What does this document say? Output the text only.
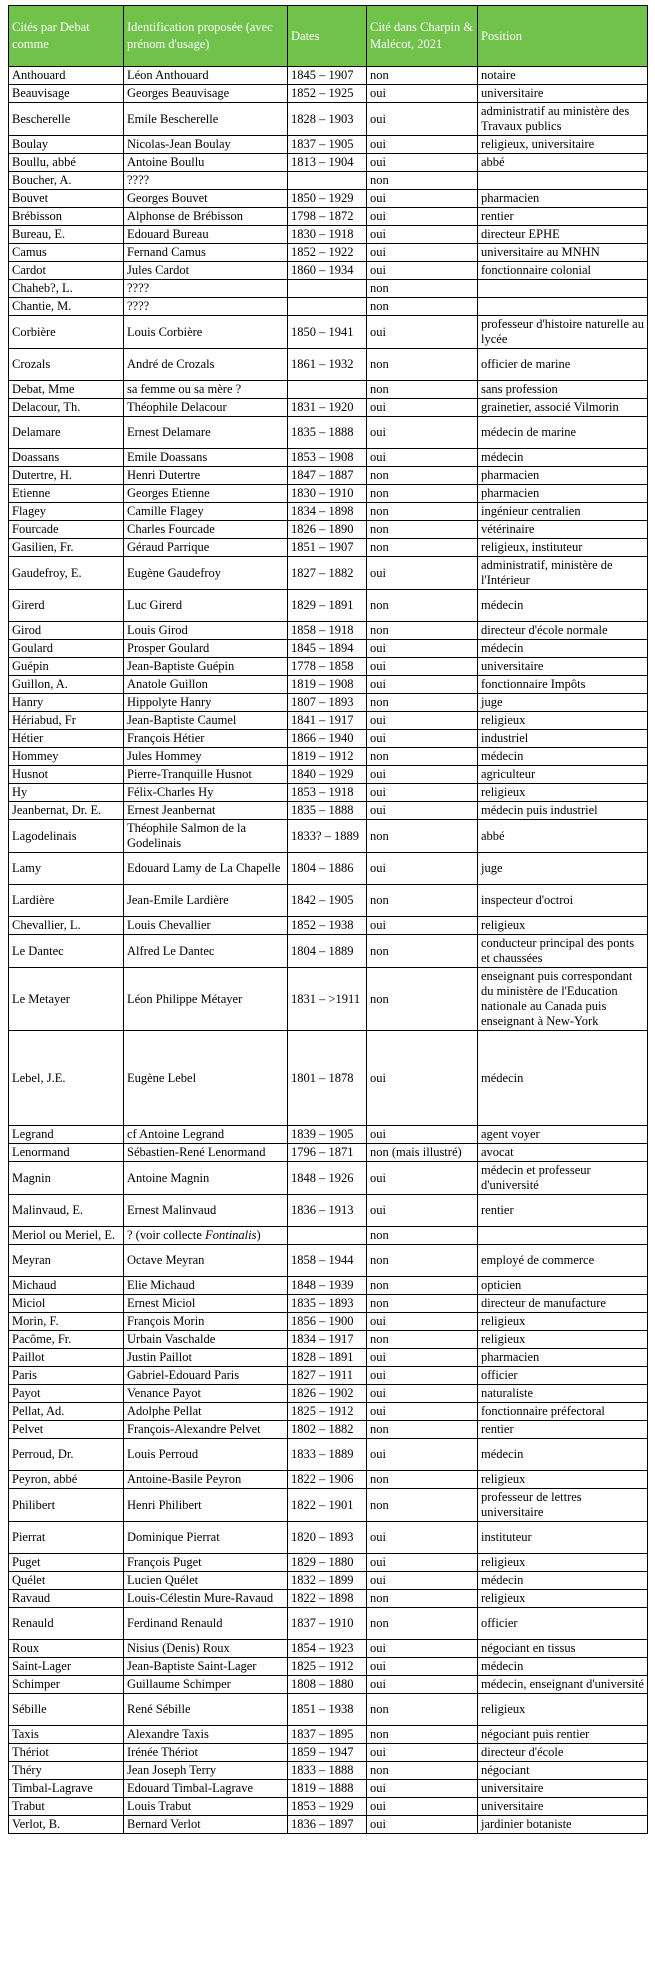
Cités par Debat comme	Identification proposée (avec prénom d'usage)	Dates	Cité dans Charpin & Malécot, 2021	Position
Anthouard	Léon Anthouard	1845 – 1907	non	notaire
Beauvisage	Georges Beauvisage	1852 – 1925	oui	universitaire
Bescherelle	Emile Bescherelle	1828 – 1903	oui	administratif au ministère des Travaux publics
Boulay	Nicolas-Jean Boulay	1837 – 1905	oui	religieux, universitaire
Boullu, abbé	Antoine Boullu	1813 – 1904	oui	abbé
Boucher, A.	????		non	
Bouvet	Georges Bouvet	1850 – 1929	oui	pharmacien
Brébisson	Alphonse de Brébisson	1798 – 1872	oui	rentier
Bureau, E.	Edouard Bureau	1830 – 1918	oui	directeur EPHE
Camus	Fernand Camus	1852 – 1922	oui	universitaire au MNHN
Cardot	Jules Cardot	1860 – 1934	oui	fonctionnaire colonial
Chaheb?, L.	????		non	
Chantie, M.	????		non	
Corbière	Louis Corbière	1850 – 1941	oui	professeur d'histoire naturelle au lycée
Crozals	André de Crozals	1861 – 1932	non	officier de marine
Debat, Mme	sa femme ou sa mère ?		non	sans profession
Delacour, Th.	Théophile Delacour	1831 – 1920	oui	grainetier, associé Vilmorin
Delamare	Ernest Delamare	1835 – 1888	oui	médecin de marine
Doassans	Emile Doassans	1853 – 1908	oui	médecin
Dutertre, H.	Henri Dutertre	1847 – 1887	non	pharmacien
Etienne	Georges Etienne	1830 – 1910	non	pharmacien
Flagey	Camille Flagey	1834 – 1898	non	ingénieur centralien
Fourcade	Charles Fourcade	1826 – 1890	non	vétérinaire
Gasilien, Fr.	Géraud Parrique	1851 – 1907	non	religieux, instituteur
Gaudefroy, E.	Eugène Gaudefroy	1827 – 1882	oui	administratif, ministère de l'Intérieur
Girerd	Luc Girerd	1829 – 1891	non	médecin
Girod	Louis Girod	1858 – 1918	non	directeur d'école normale
Goulard	Prosper Goulard	1845 – 1894	oui	médecin
Guépin	Jean-Baptiste Guépin	1778 – 1858	oui	universitaire
Guillon, A.	Anatole Guillon	1819 – 1908	oui	fonctionnaire Impôts
Hanry	Hippolyte Hanry	1807 – 1893	non	juge
Hériabud, Fr	Jean-Baptiste Caumel	1841 – 1917	oui	religieux
Hétier	François Hétier	1866 – 1940	oui	industriel
Hommey	Jules Hommey	1819 – 1912	non	médecin
Husnot	Pierre-Tranquille Husnot	1840 – 1929	oui	agriculteur
Hy	Félix-Charles Hy	1853 – 1918	oui	religieux
Jeanbernat, Dr. E.	Ernest Jeanbernat	1835 – 1888	oui	médecin puis industriel
Lagodelinais	Théophile Salmon de la Godelinais	1833? – 1889	non	abbé
Lamy	Edouard Lamy de La Chapelle	1804 – 1886	oui	juge
Lardière	Jean-Emile Lardière	1842 – 1905	non	inspecteur d'octroi
Chevallier, L.	Louis Chevallier	1852 – 1938	oui	religieux
Le Dantec	Alfred Le Dantec	1804 – 1889	non	conducteur principal des ponts et chaussées
Le Metayer	Léon Philippe Métayer	1831 – >1911	non	enseignant puis correspondant du ministère de l'Education nationale au Canada puis enseignant à New-York
Lebel, J.E.	Eugène Lebel	1801 – 1878	oui	médecin
Legrand	cf Antoine Legrand	1839 – 1905	oui	agent voyer
Lenormand	Sébastien-René Lenormand	1796 – 1871	non (mais illustré)	avocat
Magnin	Antoine Magnin	1848 – 1926	oui	médecin et professeur d'université
Malinvaud, E.	Ernest Malinvaud	1836 – 1913	oui	rentier
Meriol ou Meriel, E.	? (voir collecte Fontinalis)		non	
Meyran	Octave Meyran	1858 – 1944	non	employé de commerce
Michaud	Elie Michaud	1848 – 1939	non	opticien
Miciol	Ernest Miciol	1835 – 1893	non	directeur de manufacture
Morin, F.	François Morin	1856 – 1900	oui	religieux
Pacôme, Fr.	Urbain Vaschalde	1834 – 1917	non	religieux
Paillot	Justin Paillot	1828 – 1891	oui	pharmacien
Paris	Gabriel-Edouard Paris	1827 – 1911	oui	officier
Payot	Venance Payot	1826 – 1902	oui	naturaliste
Pellat, Ad.	Adolphe Pellat	1825 – 1912	oui	fonctionnaire préfectoral
Pelvet	François-Alexandre Pelvet	1802 – 1882	non	rentier
Perroud, Dr.	Louis Perroud	1833 – 1889	oui	médecin
Peyron, abbé	Antoine-Basile Peyron	1822 – 1906	non	religieux
Philibert	Henri Philibert	1822 – 1901	non	professeur de lettres universitaire
Pierrat	Dominique Pierrat	1820 – 1893	oui	instituteur
Puget	François Puget	1829 – 1880	oui	religieux
Quélet	Lucien Quélet	1832 – 1899	oui	médecin
Ravaud	Louis-Célestin Mure-Ravaud	1822 – 1898	non	religieux
Renauld	Ferdinand Renauld	1837 – 1910	non	officier
Roux	Nisius (Denis) Roux	1854 – 1923	oui	négociant en tissus
Saint-Lager	Jean-Baptiste Saint-Lager	1825 – 1912	oui	médecin
Schimper	Guillaume Schimper	1808 – 1880	oui	médecin, enseignant d'université
Sébille	René Sébille	1851 – 1938	non	religieux
Taxis	Alexandre Taxis	1837 – 1895	non	négociant puis rentier
Thériot	Irénée Thériot	1859 – 1947	oui	directeur d'école
Théry	Jean Joseph Terry	1833 – 1888	non	négociant
Timbal-Lagrave	Edouard Timbal-Lagrave	1819 – 1888	oui	universitaire
Trabut	Louis Trabut	1853 – 1929	oui	universitaire
Verlot, B.	Bernard Verlot	1836 – 1897	oui	jardinier botaniste
